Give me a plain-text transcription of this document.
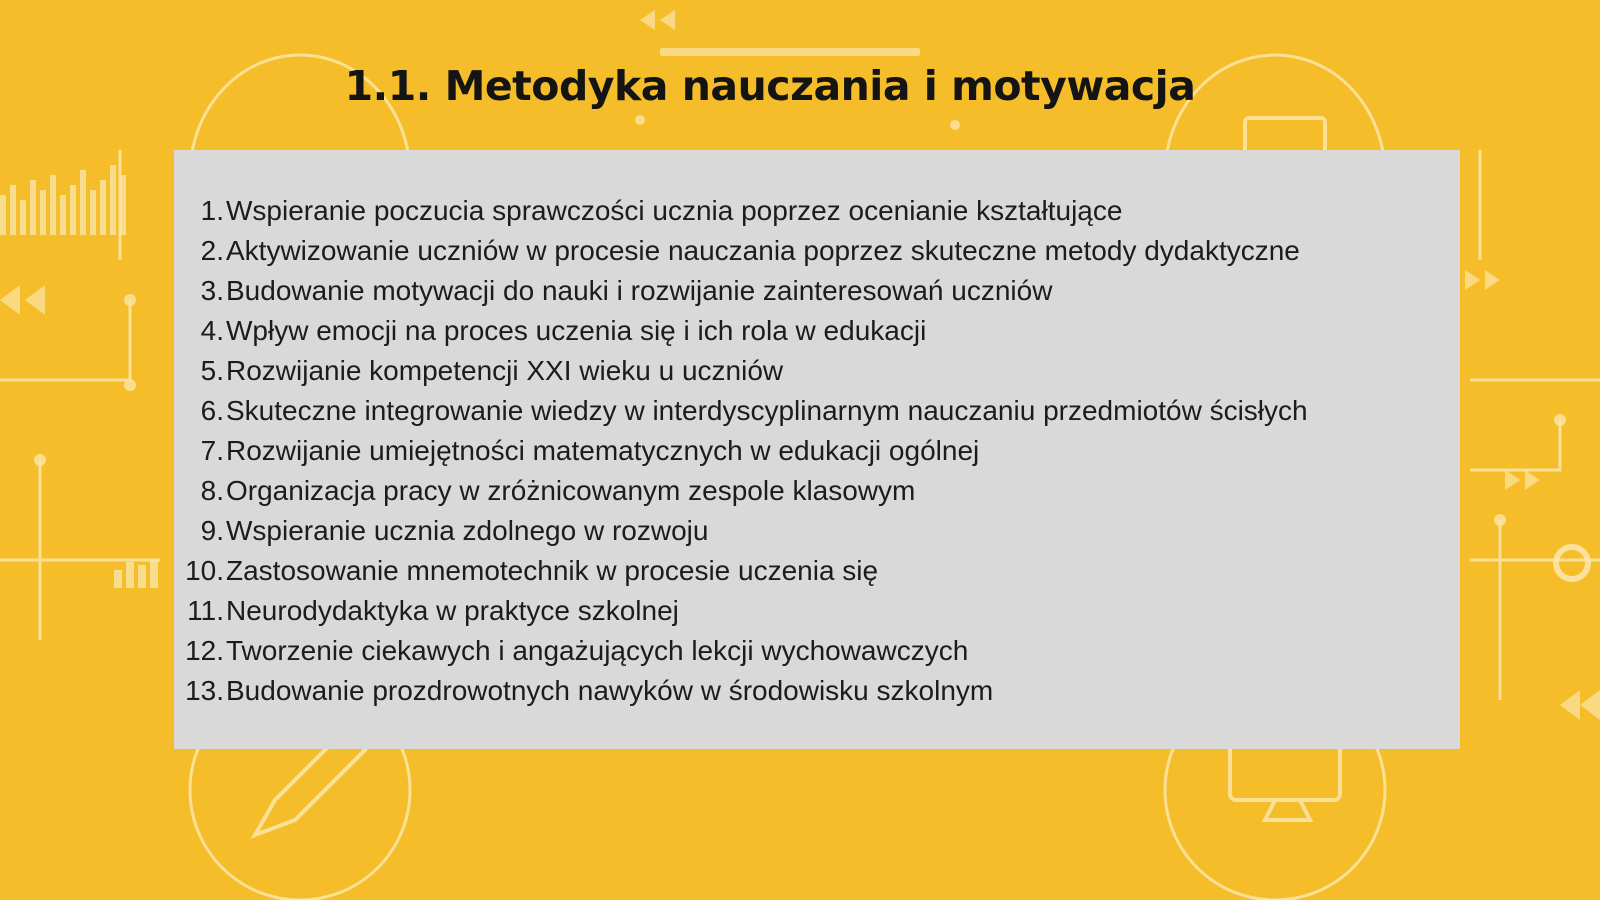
1.1. Metodyka nauczania i motywacja
1. Wspieranie poczucia sprawczości ucznia poprzez ocenianie kształtujące
2. Aktywizowanie uczniów w procesie nauczania poprzez skuteczne metody dydaktyczne
3. Budowanie motywacji do nauki i rozwijanie zainteresowań uczniów
4. Wpływ emocji na proces uczenia się i ich rola w edukacji
5. Rozwijanie kompetencji XXI wieku u uczniów
6. Skuteczne integrowanie wiedzy w interdyscyplinarnym nauczaniu przedmiotów ścisłych
7. Rozwijanie umiejętności matematycznych w edukacji ogólnej
8. Organizacja pracy w zróżnicowanym zespole klasowym
9. Wspieranie ucznia zdolnego w rozwoju
10. Zastosowanie mnemotechnik w procesie uczenia się
11. Neurodydaktyka w praktyce szkolnej
12. Tworzenie ciekawych i angażujących lekcji wychowawczych
13. Budowanie prozdrowotnych nawyków w środowisku szkolnym
